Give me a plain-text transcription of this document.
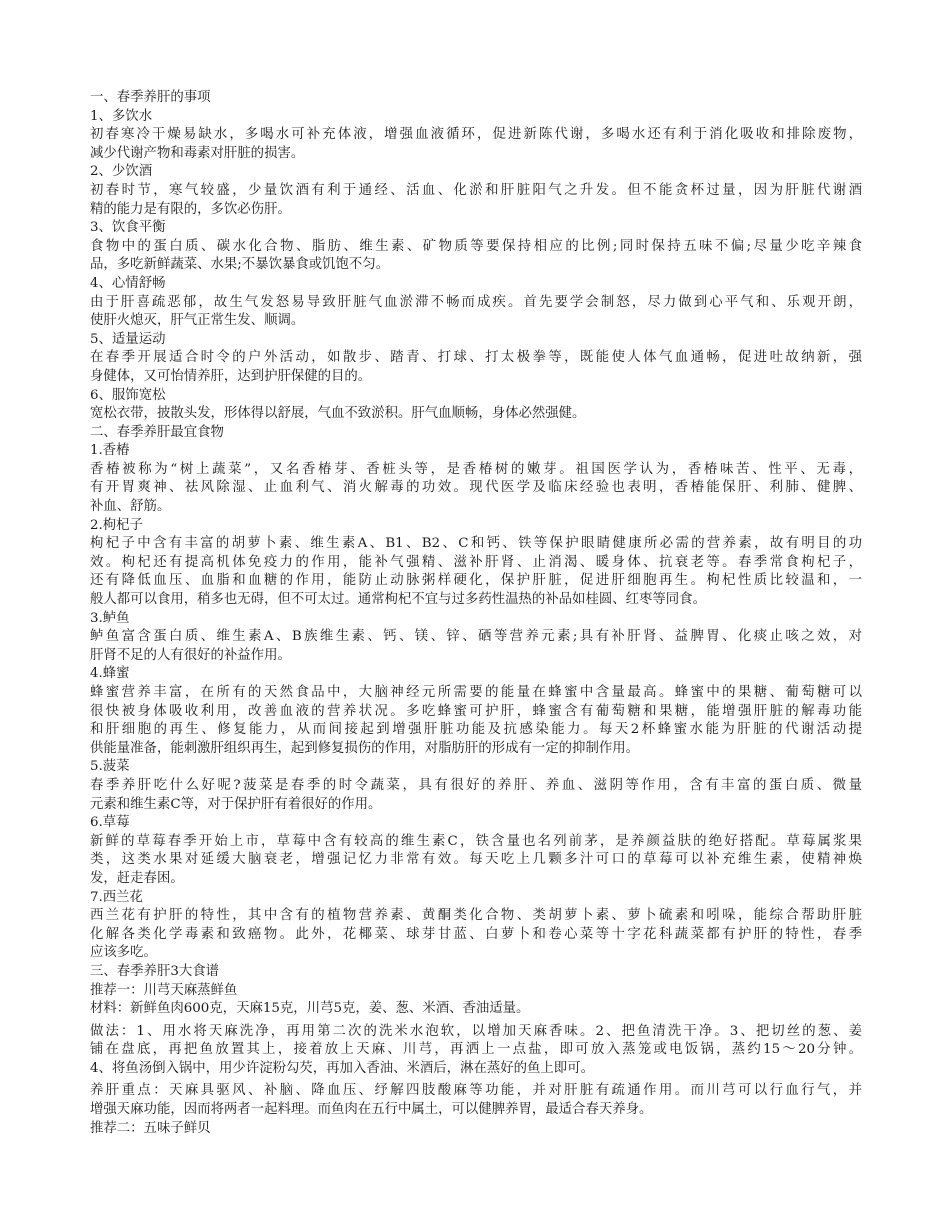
一、春季养肝的事项
1、多饮水
初春寒冷干燥易缺水，多喝水可补充体液，增强血液循环，促进新陈代谢，多喝水还有利于消化吸收和排除废物，
减少代谢产物和毒素对肝脏的损害。
2、少饮酒
初春时节，寒气较盛，少量饮酒有利于通经、活血、化淤和肝脏阳气之升发。但不能贪杯过量，因为肝脏代谢酒
精的能力是有限的，多饮必伤肝。
3、饮食平衡
食物中的蛋白质、碳水化合物、脂肪、维生素、矿物质等要保持相应的比例;同时保持五味不偏;尽量少吃辛辣食
品，多吃新鲜蔬菜、水果;不暴饮暴食或饥饱不匀。
4、心情舒畅
由于肝喜疏恶郁，故生气发怒易导致肝脏气血淤滞不畅而成疾。首先要学会制怒，尽力做到心平气和、乐观开朗，
使肝火熄灭，肝气正常生发、顺调。
5、适量运动
在春季开展适合时令的户外活动，如散步、踏青、打球、打太极拳等，既能使人体气血通畅，促进吐故纳新，强
身健体，又可怡情养肝，达到护肝保健的目的。
6、服饰宽松
宽松衣带，披散头发，形体得以舒展，气血不致淤积。肝气血顺畅，身体必然强健。
二、春季养肝最宜食物
1.香椿
香椿被称为“树上蔬菜”，又名香椿芽、香桩头等，是香椿树的嫩芽。祖国医学认为，香椿味苦、性平、无毒，
有开胃爽神、祛风除湿、止血利气、消火解毒的功效。现代医学及临床经验也表明，香椿能保肝、利肺、健脾、
补血、舒筋。
2.枸杞子
枸杞子中含有丰富的胡萝卜素、维生素A、B1、B2、C和钙、铁等保护眼睛健康所必需的营养素，故有明目的功
效。枸杞还有提高机体免疫力的作用，能补气强精、滋补肝肾、止消渴、暖身体、抗衰老等。春季常食枸杞子，
还有降低血压、血脂和血糖的作用，能防止动脉粥样硬化，保护肝脏，促进肝细胞再生。枸杞性质比较温和，一
般人都可以食用，稍多也无碍，但不可太过。通常枸杞不宜与过多药性温热的补品如桂圆、红枣等同食。
3.鲈鱼
鲈鱼富含蛋白质、维生素A、B族维生素、钙、镁、锌、硒等营养元素;具有补肝肾、益脾胃、化痰止咳之效，对
肝肾不足的人有很好的补益作用。
4.蜂蜜
蜂蜜营养丰富，在所有的天然食品中，大脑神经元所需要的能量在蜂蜜中含量最高。蜂蜜中的果糖、葡萄糖可以
很快被身体吸收利用，改善血液的营养状况。多吃蜂蜜可护肝，蜂蜜含有葡萄糖和果糖，能增强肝脏的解毒功能
和肝细胞的再生、修复能力，从而间接起到增强肝脏功能及抗感染能力。每天2杯蜂蜜水能为肝脏的代谢活动提
供能量准备，能刺激肝组织再生，起到修复损伤的作用，对脂肪肝的形成有一定的抑制作用。
5.菠菜
春季养肝吃什么好呢?菠菜是春季的时令蔬菜，具有很好的养肝、养血、滋阴等作用，含有丰富的蛋白质、微量
元素和维生素C等，对于保护肝有着很好的作用。
6.草莓
新鲜的草莓春季开始上市，草莓中含有较高的维生素C，铁含量也名列前茅，是养颜益肤的绝好搭配。草莓属浆果
类，这类水果对延缓大脑衰老，增强记忆力非常有效。每天吃上几颗多汁可口的草莓可以补充维生素，使精神焕
发，赶走春困。
7.西兰花
西兰花有护肝的特性，其中含有的植物营养素、黄酮类化合物、类胡萝卜素、萝卜硫素和吲哚，能综合帮助肝脏
化解各类化学毒素和致癌物。此外，花椰菜、球芽甘蓝、白萝卜和卷心菜等十字花科蔬菜都有护肝的特性，春季
应该多吃。
三、春季养肝3大食谱
推荐一：川芎天麻蒸鲜鱼
材料：新鲜鱼肉600克，天麻15克，川芎5克，姜、葱、米酒、香油适量。
做法：1、用水将天麻洗净，再用第二次的洗米水泡软，以增加天麻香味。2、把鱼清洗干净。3、把切丝的葱、姜
铺在盘底，再把鱼放置其上，接着放上天麻、川芎，再洒上一点盐，即可放入蒸笼或电饭锅，蒸约15～20分钟。
4、将鱼汤倒入锅中，用少许淀粉勾芡，再加入香油、米酒后，淋在蒸好的鱼上即可。
养肝重点：天麻具驱风、补脑、降血压、纾解四肢酸麻等功能，并对肝脏有疏通作用。而川芎可以行血行气，并
增强天麻功能，因而将两者一起料理。而鱼肉在五行中属土，可以健脾养胃，最适合春天养身。
推荐二：五味子鲜贝
